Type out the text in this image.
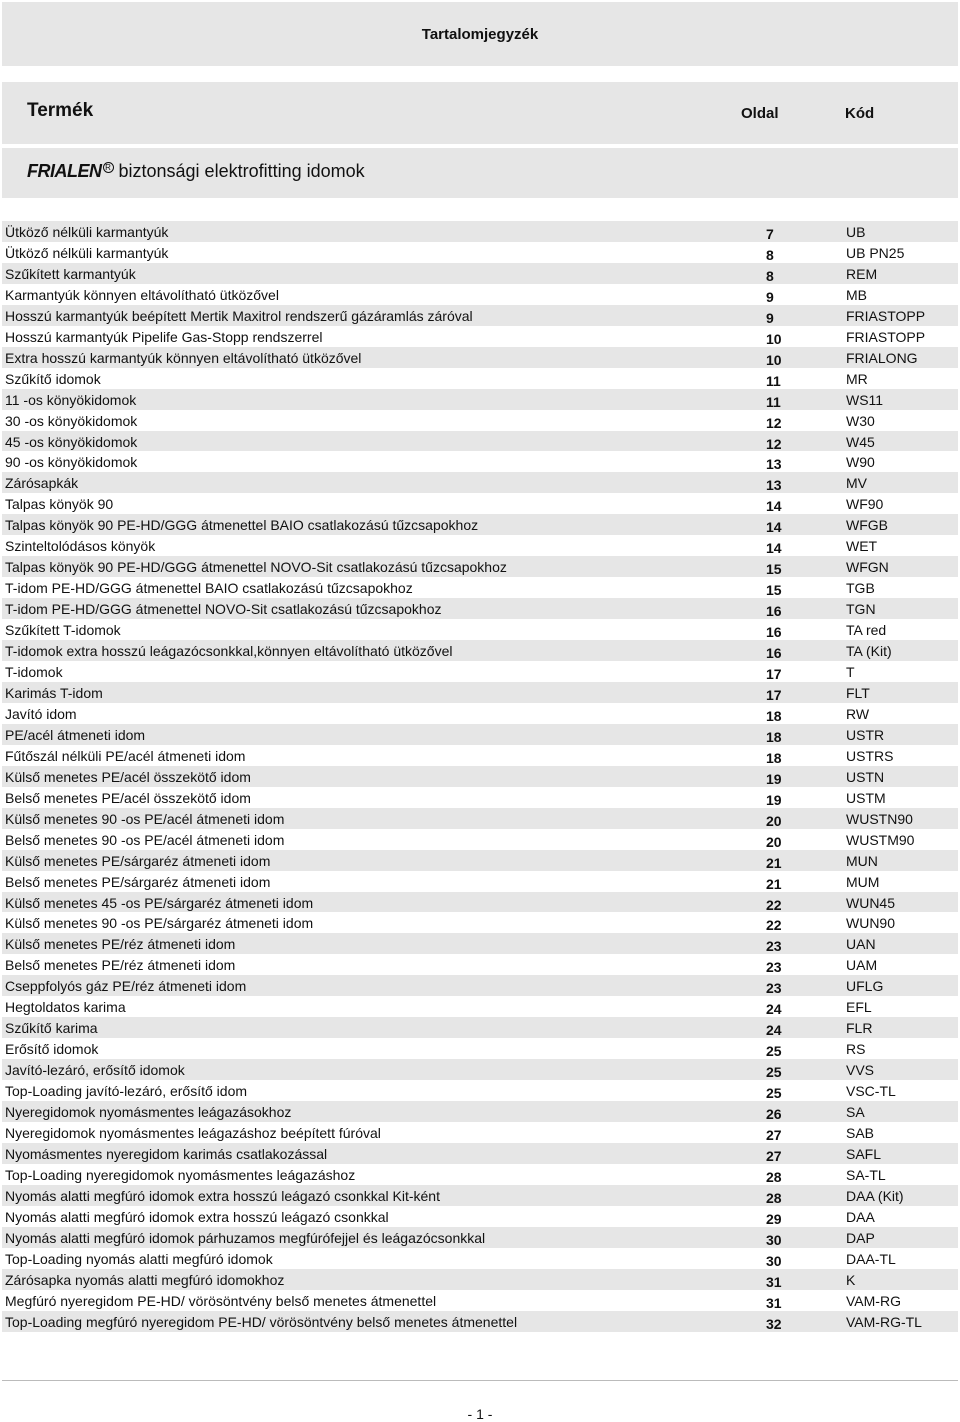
Tartalomjegyzék
Termék	Oldal	Kód
FRIALEN R biztonsági elektrofitting idomok
Ütköző nélküli karmantyúk	7	UB
Ütköző nélküli karmantyúk	8	UB PN25
Szűkített karmantyúk	8	REM
Karmantyúk könnyen eltávolítható ütközővel	9	MB
Hosszú karmantyúk beépített Mertik Maxitrol rendszerű gázáramlás záróval	9	FRIASTOPP
Hosszú karmantyúk Pipelife Gas-Stopp rendszerrel	10	FRIASTOPP
Extra hosszú karmantyúk könnyen eltávolítható ütközővel	10	FRIALONG
Szűkítő idomok	11	MR
11 -os könyökidomok	11	WS11
30 -os könyökidomok	12	W30
45 -os könyökidomok	12	W45
90 -os könyökidomok	13	W90
Zárósapkák	13	MV
Talpas könyök 90	14	WF90
Talpas könyök 90 PE-HD/GGG átmenettel BAIO csatlakozású tűzcsapokhoz	14	WFGB
Szinteltolódásos könyök	14	WET
Talpas könyök 90 PE-HD/GGG átmenettel NOVO-Sit csatlakozású tűzcsapokhoz	15	WFGN
T-idom PE-HD/GGG átmenettel BAIO csatlakozású tűzcsapokhoz	15	TGB
T-idom PE-HD/GGG átmenettel NOVO-Sit csatlakozású tűzcsapokhoz	16	TGN
Szűkített T-idomok	16	TA red
T-idomok extra hosszú leágazócsonkkal,könnyen eltávolítható ütközővel	16	TA (Kit)
T-idomok	17	T
Karimás T-idom	17	FLT
Javító idom	18	RW
PE/acél átmeneti idom	18	USTR
Fűtőszál nélküli PE/acél átmeneti idom	18	USTRS
Külső menetes PE/acél összekötő idom	19	USTN
Belső menetes PE/acél összekötő idom	19	USTM
Külső menetes 90 -os PE/acél átmeneti idom	20	WUSTN90
Belső menetes 90 -os PE/acél átmeneti idom	20	WUSTM90
Külső menetes PE/sárgaréz átmeneti idom	21	MUN
Belső menetes PE/sárgaréz átmeneti idom	21	MUM
Külső menetes 45 -os PE/sárgaréz átmeneti idom	22	WUN45
Külső menetes 90 -os PE/sárgaréz átmeneti idom	22	WUN90
Külső menetes PE/réz átmeneti idom	23	UAN
Belső menetes PE/réz átmeneti idom	23	UAM
Cseppfolyós gáz PE/réz átmeneti idom	23	UFLG
Hegtoldatos karima	24	EFL
Szűkítő karima	24	FLR
Erősítő idomok	25	RS
Javító-lezáró, erősítő idomok	25	VVS
Top-Loading javító-lezáró, erősítő idom	25	VSC-TL
Nyeregidomok nyomásmentes leágazásokhoz	26	SA
Nyeregidomok nyomásmentes leágazáshoz beépített fúróval	27	SAB
Nyomásmentes nyeregidom karimás csatlakozással	27	SAFL
Top-Loading nyeregidomok nyomásmentes leágazáshoz	28	SA-TL
Nyomás alatti megfúró idomok extra hosszú leágazó csonkkal Kit-ként	28	DAA (Kit)
Nyomás alatti megfúró idomok extra hosszú leágazó csonkkal	29	DAA
Nyomás alatti megfúró idomok párhuzamos megfúrófejjel és leágazócsonkkal	30	DAP
Top-Loading nyomás alatti megfúró idomok	30	DAA-TL
Zárósapka nyomás alatti megfúró idomokhoz	31	K
Megfúró nyeregidom PE-HD/ vörösöntvény belső menetes átmenettel	31	VAM-RG
Top-Loading megfúró nyeregidom PE-HD/ vörösöntvény belső menetes átmenettel	32	VAM-RG-TL
- 1 -
